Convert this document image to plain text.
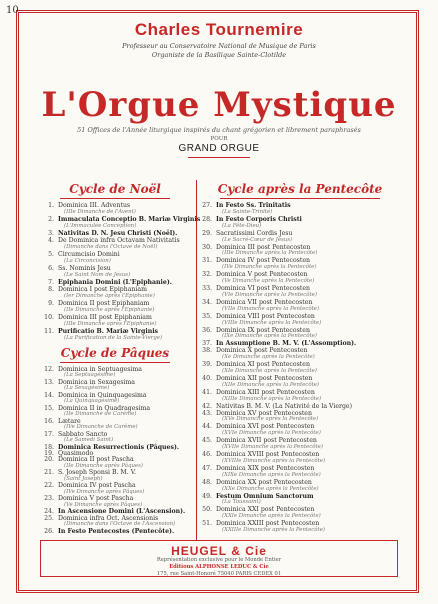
10
Charles Tournemire
Professeur au Conservatoire National de Musique de Paris
Organiste de la Basilique Sainte-Clotilde
L'Orgue Mystique
51 Offices de l'Année liturgique inspirés du chant grégorien et librement paraphrasés
POUR
GRAND ORGUE
Cycle de Noël
1. Dominica III. Adventus
(IIIe Dimanche de l'Avent)
2. Immaculata Conceptio B. Mariæ Virginis
(L'Immaculée Conception)
3. Nativitas D. N. Jesu Christi (Noël).
4. De Dominica infra Octavam Nativitatis
(Dimanche dans l'Octave de Noël)
5. Circumcisio Domini
(La Circoncision)
6. Ss. Nominis Jesu
(Le Saint Nom de Jésus)
7. Epiphania Domini (L'Epiphanie).
8. Dominica I post Epiphaniam
(Ier Dimanche après l'Epiphanie)
9. Dominica II post Epiphaniam
(IIe Dimanche après l'Epiphanie)
10. Dominica III post Epiphaniam
(IIIe Dimanche après l'Epiphanie)
11. Purificatio B. Mariæ Virginis
(La Purification de la Sainte-Vierge)
Cycle de Pâques
12. Dominica in Septuagesima
(La Septuagésime)
13. Dominica in Sexagesima
(La Sexagésime)
14. Dominica in Quinquagesima
(La Quinquagésime)
15. Dominica II in Quadragesima
(IIe Dimanche de Carême)
16. Lætare
(IVe Dimanche de Carême)
17. Sabbato Sancto
(Le Samedi Saint)
18. Dominica Resurrectionis (Pâques).
19. Quasimodo
20. Dominica II post Pascha
(IIe Dimanche après Pâques)
21. S. Joseph Sponsi B. M. V.
(Saint Joseph)
22. Dominica IV post Pascha
(IVe Dimanche après Pâques)
23. Dominica V post Pascha
(Ve Dimanche après Pâques)
24. In Ascensione Domini (L'Ascension).
25. Dominica infra Oct. Ascensionis
(Dimanche dans l'Octave de l'Ascension)
26. In Festo Pentecostes (Pentecôte).
Cycle après la Pentecôte
27. In Festo Ss. Trinitatis
(La Sainte-Trinité)
28. In Festo Corporis Christi
(La Fête-Dieu)
29. Sacratissimi Cordis Jesu
(Le Sacré-Cœur de Jésus)
30. Dominica III post Pentecosten
(IIIe Dimanche après la Pentecôte)
31. Dominica IV post Pentecosten
(IVe Dimanche après la Pentecôte)
32. Dominica V post Pentecosten
(Ve Dimanche après la Pentecôte)
33. Dominica VI post Pentecosten
(VIe Dimanche après la Pentecôte)
34. Dominica VII post Pentecosten
(VIIe Dimanche après la Pentecôte)
35. Dominica VIII post Pentecosten
(VIIIe Dimanche après la Pentecôte)
36. Dominica IX post Pentecosten
(IXe Dimanche après la Pentecôte)
37. In Assumptione B. M. V. (L'Assomption).
38. Dominica X post Pentecosten
(Xe Dimanche après la Pentecôte)
39. Dominica XI post Pentecosten
(XIe Dimanche après la Pentecôte)
40. Dominica XII post Pentecosten
(XIIe Dimanche après la Pentecôte)
41. Dominica XIII post Pentecosten
(XIIIe Dimanche après la Pentecôte)
42. Nativitas B. M. V. (La Nativité de la Vierge)
43. Dominica XV post Pentecosten
(XVe Dimanche après la Pentecôte)
44. Dominica XVI post Pentecosten
(XVIe Dimanche après la Pentecôte)
45. Dominica XVII post Pentecosten
(XVIIe Dimanche après la Pentecôte)
46. Dominica XVIII post Pentecosten
(XVIIIe Dimanche après la Pentecôte)
47. Dominica XIX post Pentecosten
(XIXe Dimanche après la Pentecôte)
48. Dominica XX post Pentecosten
(XXe Dimanche après la Pentecôte)
49. Festum Omnium Sanctorum
(La Toussaint)
50. Dominica XXI post Pentecosten
(XXIe Dimanche après la Pentecôte)
51. Dominica XXIII post Pentecosten
(XXIIIe Dimanche après la Pentecôte)
HEUGEL & Cie
Représentation exclusive pour le Monde Entier
Editions ALPHONSE LEDUC & Cie
175, rue Saint-Honoré 75040 PARIS CEDEX 01
